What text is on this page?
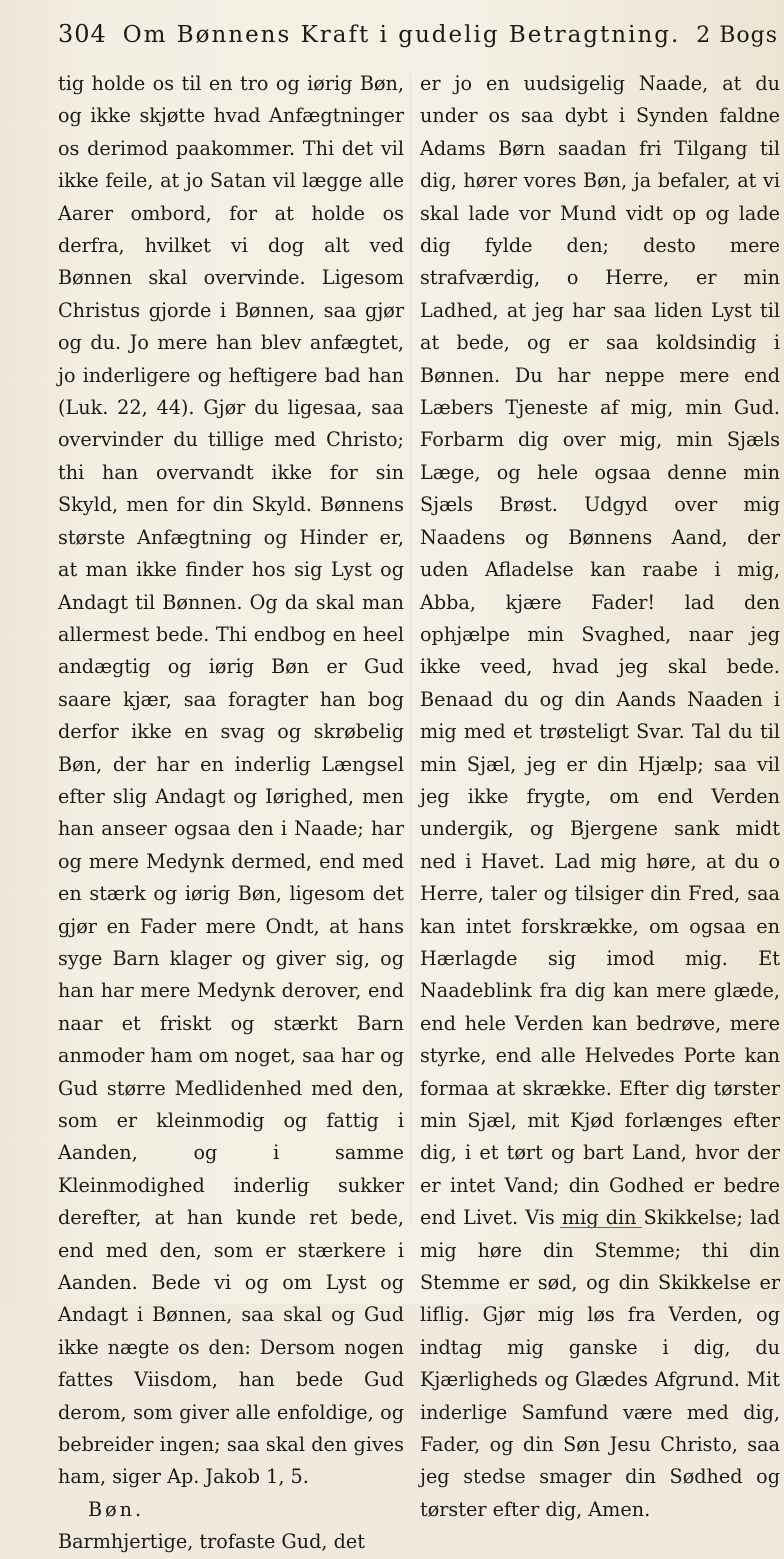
304 Om Bønnens Kraft i gudelig Betragtning. 2 Bogs

tig holde os til en tro og iørig Bøn, og ikke skjøtte hvad Anfægtninger os derimod paakommer. Thi det vil ikke feile, at jo Satan vil lægge alle Aarer ombord, for at holde os derfra, hvilket vi dog alt ved Bønnen skal overvinde. Ligesom Christus gjorde i Bønnen, saa gjør og du. Jo mere han blev anfægtet, jo inderligere og heftigere bad han (Luk. 22, 44). Gjør du ligesaa, saa overvinder du tillige med Christo; thi han overvandt ikke for sin Skyld, men for din Skyld. Bønnens største Anfægtning og Hinder er, at man ikke finder hos sig Lyst og Andagt til Bønnen. Og da skal man allermest bede. Thi endbog en heel andægtig og iørig Bøn er Gud saare kjær, saa foragter han bog derfor ikke en svag og skrøbelig Bøn, der har en inderlig Længsel efter slig Andagt og Iørighed, men han anseer ogsaa den i Naade; har og mere Medynk dermed, end med en stærk og iørig Bøn, ligesom det gjør en Fader mere Ondt, at hans syge Barn klager og giver sig, og han har mere Medynk derover, end naar et friskt og stærkt Barn anmoder ham om noget, saa har og Gud større Medlidenhed med den, som er kleinmodig og fattig i Aanden, og i samme Kleinmodighed inderlig sukker derefter, at han kunde ret bede, end med den, som er stærkere i Aanden. Bede vi og om Lyst og Andagt i Bønnen, saa skal og Gud ikke nægte os den: Dersom nogen fattes Viisdom, han bede Gud derom, som giver alle enfoldige, og bebreider ingen; saa skal den gives ham, siger Ap. Jakob 1, 5.

Bøn.

Barmhjertige, trofaste Gud, det

er jo en uudsigelig Naade, at du under os saa dybt i Synden faldne Adams Børn saadan fri Tilgang til dig, hører vores Bøn, ja befaler, at vi skal lade vor Mund vidt op og lade dig fylde den; desto mere strafværdig, o Herre, er min Ladhed, at jeg har saa liden Lyst til at bede, og er saa koldsindig i Bønnen. Du har neppe mere end Læbers Tjeneste af mig, min Gud. Forbarm dig over mig, min Sjæls Læge, og hele ogsaa denne min Sjæls Brøst. Udgyd over mig Naadens og Bønnens Aand, der uden Afladelse kan raabe i mig, Abba, kjære Fader! lad den ophjælpe min Svaghed, naar jeg ikke veed, hvad jeg skal bede. Benaad du og din Aands Naaden i mig med et trøsteligt Svar. Tal du til min Sjæl, jeg er din Hjælp; saa vil jeg ikke frygte, om end Verden undergik, og Bjergene sank midt ned i Havet. Lad mig høre, at du o Herre, taler og tilsiger din Fred, saa kan intet forskrække, om ogsaa en Hærlagde sig imod mig. Et Naadeblink fra dig kan mere glæde, end hele Verden kan bedrøve, mere styrke, end alle Helvedes Porte kan formaa at skrække. Efter dig tørster min Sjæl, mit Kjød forlænges efter dig, i et tørt og bart Land, hvor der er intet Vand; din Godhed er bedre end Livet. Vis mig din Skikkelse; lad mig høre din Stemme; thi din Stemme er sød, og din Skikkelse er liflig. Gjør mig løs fra Verden, og indtag mig ganske i dig, du Kjærligheds og Glædes Afgrund. Mit inderlige Samfund være med dig, Fader, og din Søn Jesu Christo, saa jeg stedse smager din Sødhed og tørster efter dig, Amen.
